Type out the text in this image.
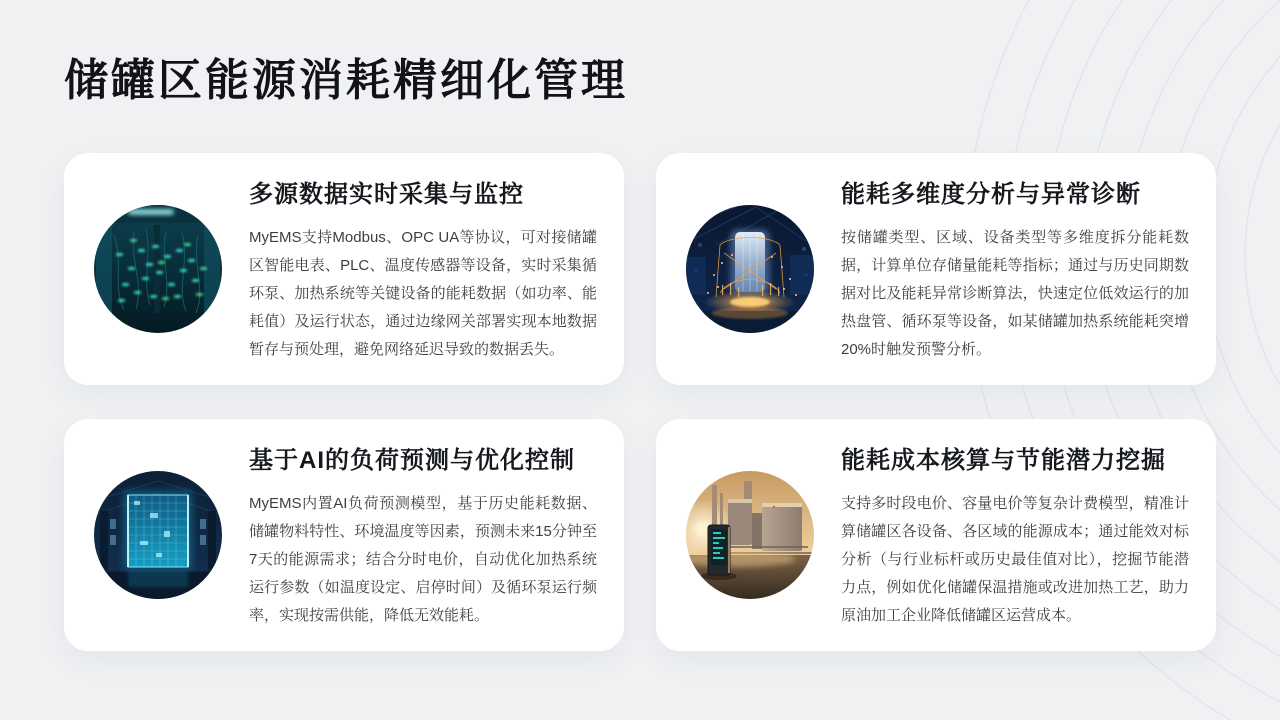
储罐区能源消耗精细化管理
多源数据实时采集与监控

MyEMS支持Modbus、OPC UA等协议，可对接储罐区智能电表、PLC、温度传感器等设备，实时采集循环泵、加热系统等关键设备的能耗数据（如功率、能耗值）及运行状态，通过边缘网关部署实现本地数据暂存与预处理，避免网络延迟导致的数据丢失。

能耗多维度分析与异常诊断

按储罐类型、区域、设备类型等多维度拆分能耗数据，计算单位存储量能耗等指标；通过与历史同期数据对比及能耗异常诊断算法，快速定位低效运行的加热盘管、循环泵等设备，如某储罐加热系统能耗突增20%时触发预警分析。

基于AI的负荷预测与优化控制

MyEMS内置AI负荷预测模型，基于历史能耗数据、储罐物料特性、环境温度等因素，预测未来15分钟至7天的能源需求；结合分时电价，自动优化加热系统运行参数（如温度设定、启停时间）及循环泵运行频率，实现按需供能，降低无效能耗。

能耗成本核算与节能潜力挖掘

支持多时段电价、容量电价等复杂计费模型，精准计算储罐区各设备、各区域的能源成本；通过能效对标分析（与行业标杆或历史最佳值对比），挖掘节能潜力点，例如优化储罐保温措施或改进加热工艺，助力原油加工企业降低储罐区运营成本。
